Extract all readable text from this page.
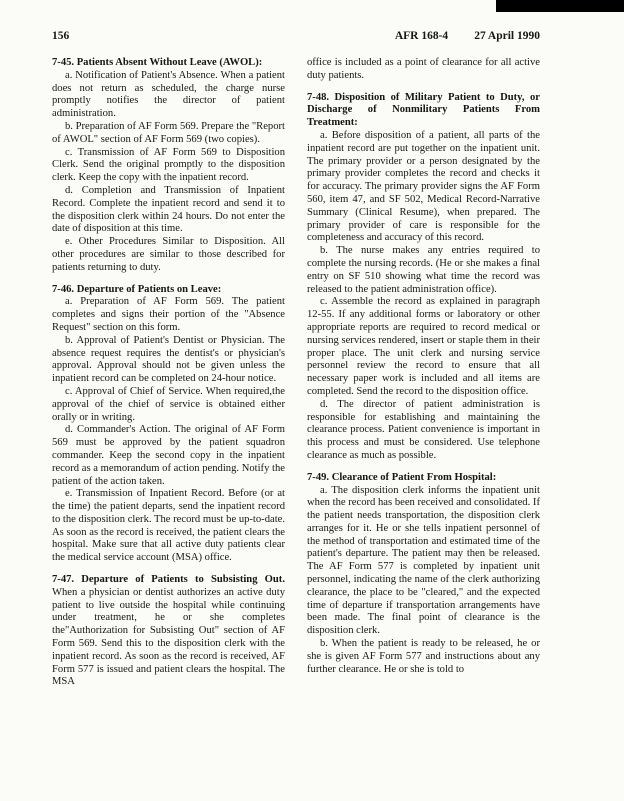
156	AFR 168-4 27 April 1990

7-45. Patients Absent Without Leave (AWOL):

a. Notification of Patient's Absence. When a patient does not return as scheduled, the charge nurse promptly notifies the director of patient administration.

b. Preparation of AF Form 569. Prepare the "Report of AWOL" section of AF Form 569 (two copies).

c. Transmission of AF Form 569 to Disposition Clerk. Send the original promptly to the disposition clerk. Keep the copy with the inpatient record.

d. Completion and Transmission of Inpatient Record. Complete the inpatient record and send it to the disposition clerk within 24 hours. Do not enter the date of disposition at this time.

e. Other Procedures Similar to Disposition. All other procedures are similar to those described for patients returning to duty.

7-46. Departure of Patients on Leave:

a. Preparation of AF Form 569. The patient completes and signs their portion of the "Absence Request" section on this form.

b. Approval of Patient's Dentist or Physician. The absence request requires the dentist's or physician's approval. Approval should not be given unless the inpatient record can be completed on 24-hour notice.

c. Approval of Chief of Service. When required,the approval of the chief of service is obtained either orally or in writing.

d. Commander's Action. The original of AF Form 569 must be approved by the patient squadron commander. Keep the second copy in the inpatient record as a memorandum of action pending. Notify the patient of the action taken.

e. Transmission of Inpatient Record. Before (or at the time) the patient departs, send the inpatient record to the disposition clerk. The record must be up-to-date. As soon as the record is received, the patient clears the hospital. Make sure that all active duty patients clear the medical service account (MSA) office.

7-47. Departure of Patients to Subsisting Out.When a physician or dentist authorizes an active duty patient to live outside the hospital while continuing under treatment, he or she completes the"Authorization for Subsisting Out" section of AF Form 569. Send this to the disposition clerk with the inpatient record. As soon as the record is received, AF Form 577 is issued and patient clears the hospital. The MSA

office is included as a point of clearance for all active duty patients.

7-48. Disposition of Military Patient to Duty, or Discharge of Nonmilitary Patients From Treatment:

a. Before disposition of a patient, all parts of the inpatient record are put together on the inpatient unit. The primary provider or a person designated by the primary provider completes the record and checks it for accuracy. The primary provider signs the AF Form 560, item 47, and SF 502, Medical Record-Narrative Summary (Clinical Resume), when prepared. The primary provider of care is responsible for the completeness and accuracy of this record.

b. The nurse makes any entries required to complete the nursing records. (He or she makes a final entry on SF 510 showing what time the record was released to the patient administration office).

c. Assemble the record as explained in paragraph 12-55. If any additional forms or laboratory or other appropriate reports are required to record medical or nursing services rendered, insert or staple them in their proper place. The unit clerk and nursing service personnel review the record to ensure that all necessary paper work is included and all items are completed. Send the record to the disposition office.

d. The director of patient administration is responsible for establishing and maintaining the clearance process. Patient convenience is important in this process and must be considered. Use telephone clearance as much as possible.

7-49. Clearance of Patient From Hospital:

a. The disposition clerk informs the inpatient unit when the record has been received and consolidated. If the patient needs transportation, the disposition clerk arranges for it. He or she tells inpatient personnel of the method of transportation and estimated time of the patient's departure. The patient may then be released. The AF Form 577 is completed by inpatient unit personnel, indicating the name of the clerk authorizing clearance, the place to be "cleared," and the expected time of departure if transportation arrangements have been made. The final point of clearance is the disposition clerk.

b. When the patient is ready to be released, he or she is given AF Form 577 and instructions about any further clearance. He or she is told to
